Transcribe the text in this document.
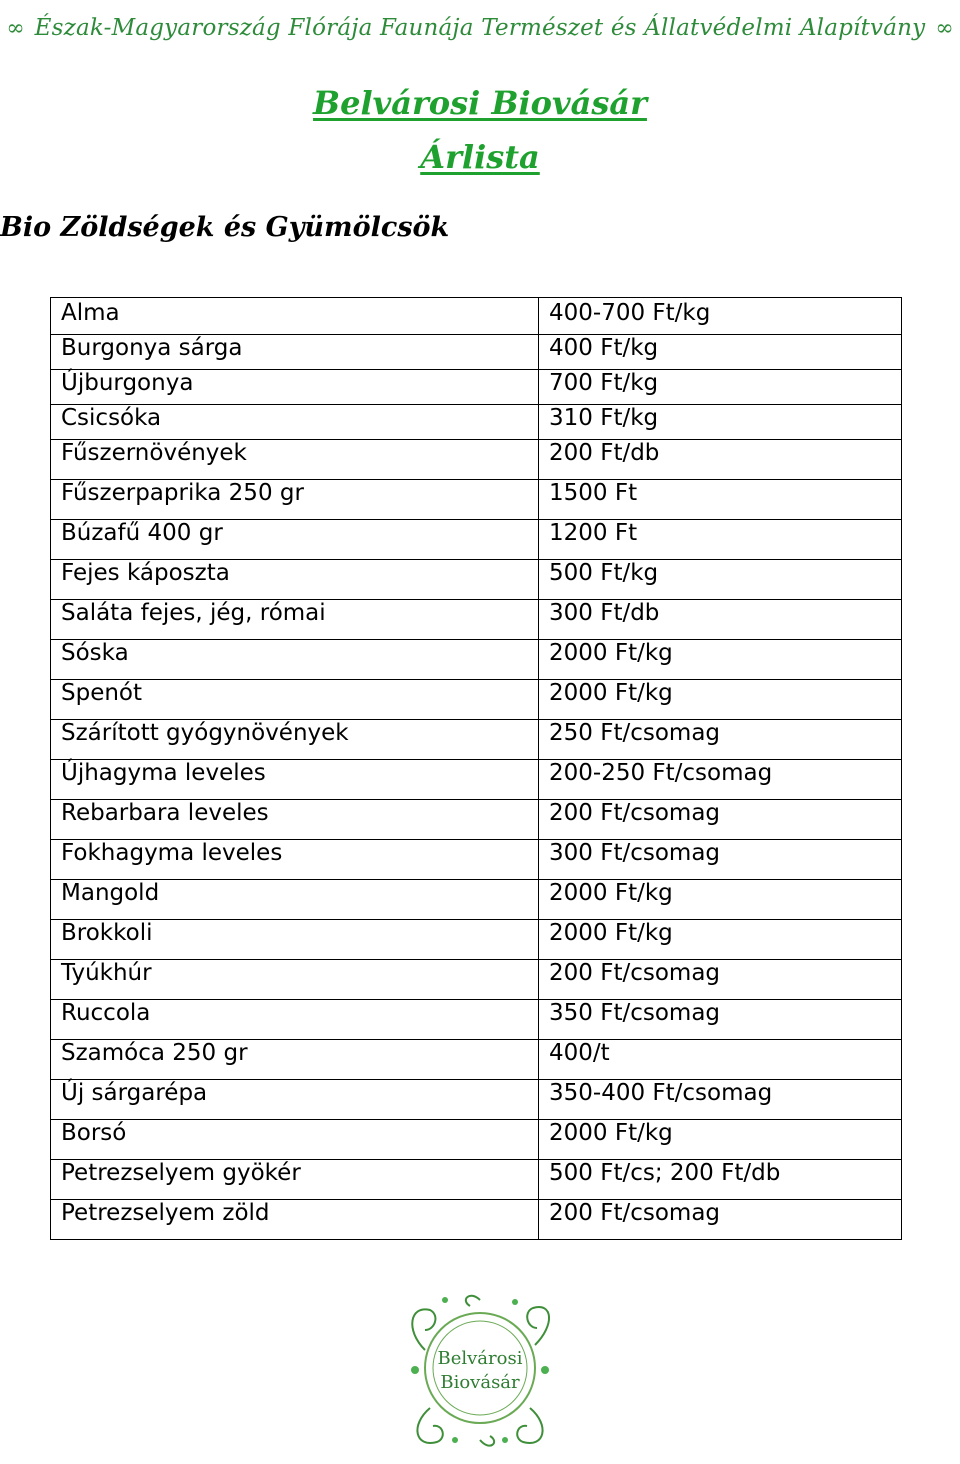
∞ Észak-Magyarország Flórája Faunája Természet és Állatvédelmi Alapítvány ∞
Belvárosi Biovásár
Árlista
Bio Zöldségek és Gyümölcsök
Alma	400-700 Ft/kg
Burgonya sárga	400 Ft/kg
Újburgonya	700 Ft/kg
Csicsóka	310 Ft/kg
Fűszernövények	200 Ft/db
Fűszerpaprika 250 gr	1500 Ft
Búzafű 400 gr	1200 Ft
Fejes káposzta	500 Ft/kg
Saláta fejes, jég, római	300 Ft/db
Sóska	2000 Ft/kg
Spenót	2000 Ft/kg
Szárított gyógynövények	250 Ft/csomag
Újhagyma leveles	200-250 Ft/csomag
Rebarbara leveles	200 Ft/csomag
Fokhagyma leveles	300 Ft/csomag
Mangold	2000 Ft/kg
Brokkoli	2000 Ft/kg
Tyúkhúr	200 Ft/csomag
Ruccola	350 Ft/csomag
Szamóca 250 gr	400/t
Új sárgarépa	350-400 Ft/csomag
Borsó	2000 Ft/kg
Petrezselyem gyökér	500 Ft/cs; 200 Ft/db
Petrezselyem zöld	200 Ft/csomag
Belvárosi
Biovásár
